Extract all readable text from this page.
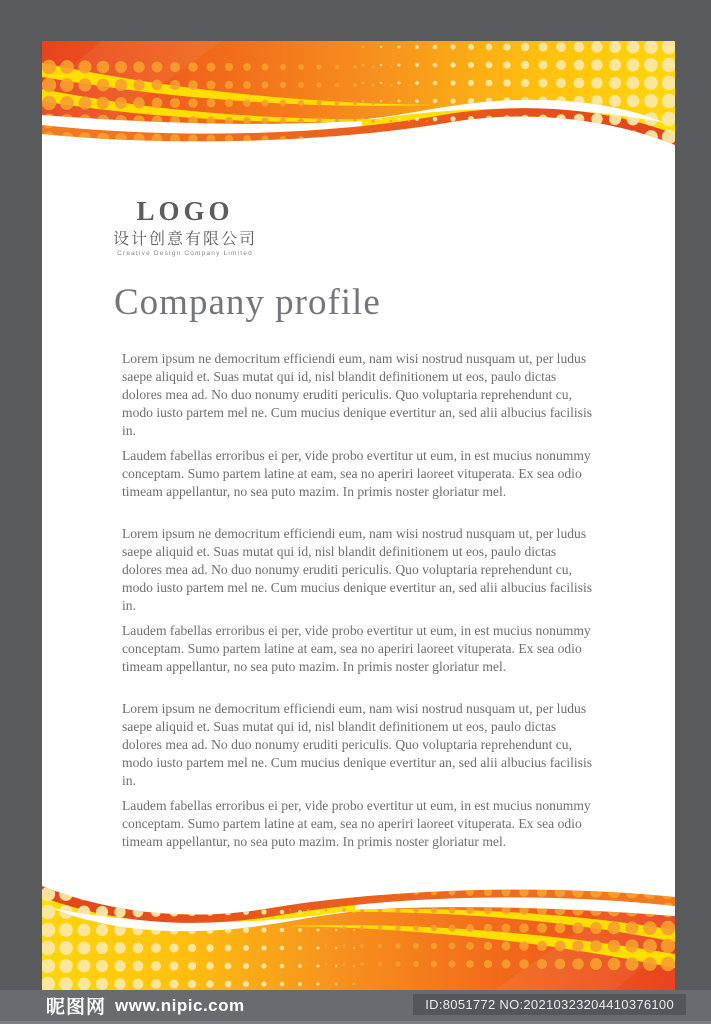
LOGO
设计创意有限公司
Creative Design Company Limited
Company profile

Lorem ipsum ne democritum efficiendi eum, nam wisi nostrud nusquam ut, per ludus saepe aliquid et. Suas mutat qui id, nisl blandit definitionem ut eos, paulo dictas dolores mea ad. No duo nonumy eruditi periculis. Quo voluptaria reprehendunt cu, modo iusto partem mel ne. Cum mucius denique evertitur an, sed alii albucius facilisis in.

Laudem fabellas erroribus ei per, vide probo evertitur ut eum, in est mucius nonummy conceptam. Sumo partem latine at eam, sea no aperiri laoreet vituperata. Ex sea odio timeam appellantur, no sea puto mazim. In primis noster gloriatur mel.

Lorem ipsum ne democritum efficiendi eum, nam wisi nostrud nusquam ut, per ludus saepe aliquid et. Suas mutat qui id, nisl blandit definitionem ut eos, paulo dictas dolores mea ad. No duo nonumy eruditi periculis. Quo voluptaria reprehendunt cu, modo iusto partem mel ne. Cum mucius denique evertitur an, sed alii albucius facilisis in.

Laudem fabellas erroribus ei per, vide probo evertitur ut eum, in est mucius nonummy conceptam. Sumo partem latine at eam, sea no aperiri laoreet vituperata. Ex sea odio timeam appellantur, no sea puto mazim. In primis noster gloriatur mel.

Lorem ipsum ne democritum efficiendi eum, nam wisi nostrud nusquam ut, per ludus saepe aliquid et. Suas mutat qui id, nisl blandit definitionem ut eos, paulo dictas dolores mea ad. No duo nonumy eruditi periculis. Quo voluptaria reprehendunt cu, modo iusto partem mel ne. Cum mucius denique evertitur an, sed alii albucius facilisis in.

Laudem fabellas erroribus ei per, vide probo evertitur ut eum, in est mucius nonummy conceptam. Sumo partem latine at eam, sea no aperiri laoreet vituperata. Ex sea odio timeam appellantur, no sea puto mazim. In primis noster gloriatur mel.

昵图网 www.nipic.com	ID:8051772 NO:20210323204410376100
